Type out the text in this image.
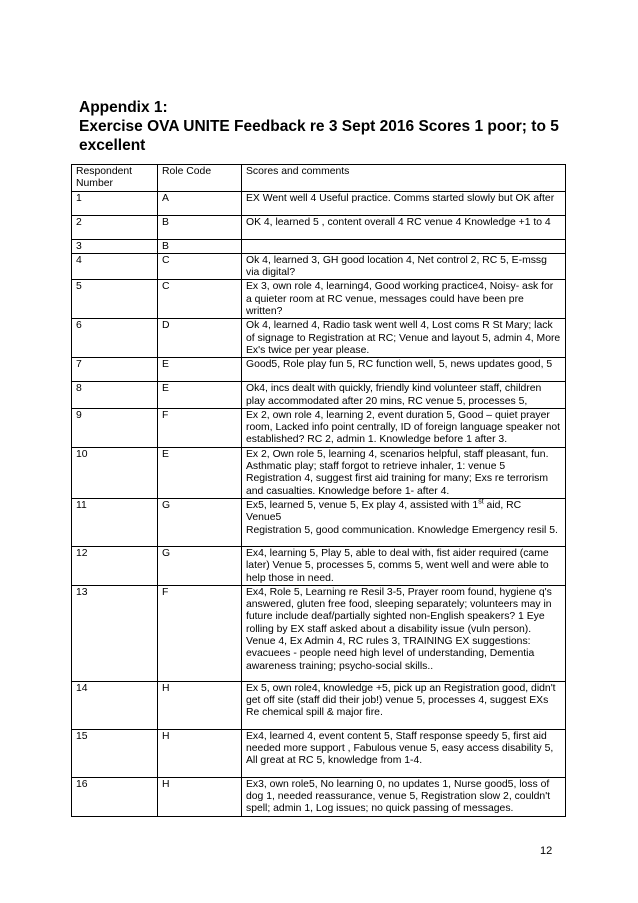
Appendix 1:
Exercise OVA UNITE Feedback re 3 Sept 2016 Scores 1 poor; to 5
excellent
Respondent Number	Role Code	Scores and comments
1	A	EX Went well 4 Useful practice. Comms started slowly but OK after

2	B	OK 4, learned 5 , content overall 4 RC venue 4 Knowledge +1 to 4

3	B	

4	C	Ok 4, learned 3, GH good location 4, Net control 2, RC 5, E-mssg via digital?

5	C	Ex 3, own role 4, learning4, Good working practice4, Noisy- ask for a quieter room at RC venue, messages could have been pre written?

6	D	Ok 4, learned 4, Radio task went well 4, Lost coms R St Mary; lack of signage to Registration at RC; Venue and layout 5, admin 4, More Ex's twice per year please.

7	E	Good5, Role play fun 5, RC function well, 5, news updates good, 5

8	E	Ok4, incs dealt with quickly, friendly kind volunteer staff, children play accommodated after 20 mins, RC venue 5, processes 5,

9	F	Ex 2, own role 4, learning 2, event duration 5, Good – quiet prayer room, Lacked info point centrally, ID of foreign language speaker not established? RC 2, admin 1. Knowledge before 1 after 3.

10	E	Ex 2, Own role 5, learning 4, scenarios helpful, staff pleasant, fun. Asthmatic play; staff forgot to retrieve inhaler, 1: venue 5 Registration 4, suggest first aid training for many; Exs re terrorism and casualties. Knowledge before 1- after 4.

11	G	Ex5, learned 5, venue 5, Ex play 4, assisted with 1st aid, RC
Venue5
Registration 5, good communication. Knowledge Emergency resil 5.

12	G	Ex4, learning 5, Play 5, able to deal with, fist aider required (came later) Venue 5, processes 5, comms 5, went well and were able to help those in need.

13	F	Ex4, Role 5, Learning re Resil 3-5, Prayer room found, hygiene q's answered, gluten free food, sleeping separately; volunteers may in future include deaf/partially sighted non-English speakers? 1 Eye rolling by EX staff asked about a disability issue (vuln person).
Venue 4, Ex Admin 4, RC rules 3, TRAINING EX suggestions: evacuees - people need high level of understanding, Dementia awareness training; psycho-social skills..

14	H	Ex 5, own role4, knowledge +5, pick up an Registration good, didn't get off site (staff did their job!) venue 5, processes 4, suggest EXs
Re chemical spill & major fire.

15	H	Ex4, learned 4, event content 5, Staff response speedy 5, first aid needed more support , Fabulous venue 5, easy access disability 5,
All great at RC 5, knowledge from 1-4.

16	H	Ex3, own role5, No learning 0, no updates 1, Nurse good5, loss of dog 1, needed reassurance, venue 5, Registration slow 2, couldn't spell; admin 1, Log issues; no quick passing of messages.
12
